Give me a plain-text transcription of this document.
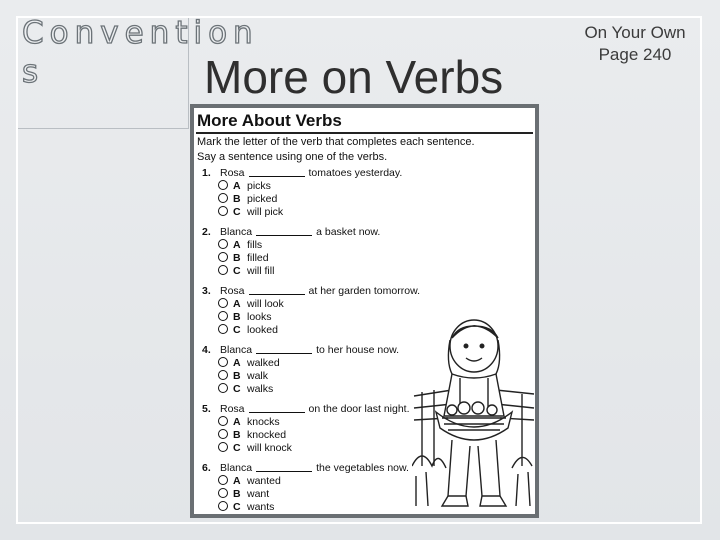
Convention
s	More on Verbs
On Your Own
Page 240
More About Verbs
Mark the letter of the verb that completes each sentence.
Say a sentence using one of the verbs.
1. Rosa	tomatoes yesterday.
A picks
B picked
C will pick
2. Blanca	a basket now.
A fills
B filled
C will fill
3. Rosa	at her garden tomorrow.
A will look
B looks
C looked
4. Blanca	to her house now.
A walked
B walk
C walks
5. Rosa	on the door last night.
A knocks
B knocked
C will knock
6. Blanca	the vegetables now.
A wanted
B want
C wants
